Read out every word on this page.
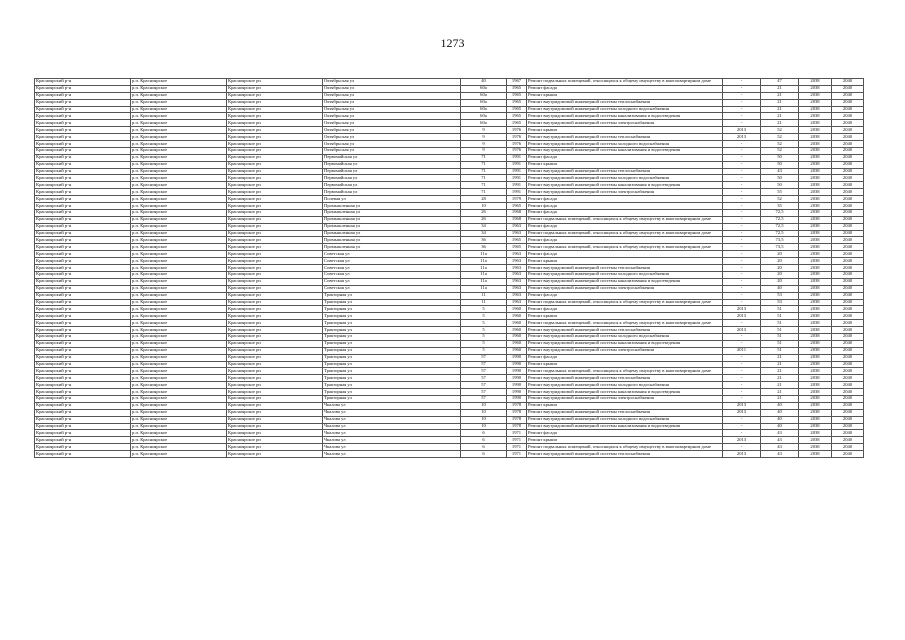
1273
Красноярский р-н	р.п. Красноярское	Красноярское рп	Октябрьская ул	40	1967	Ремонт подвальных помещений, относящихся к общему имуществу в многоквартирном доме	-	47	2038	2040
Красноярский р-н	р.п. Красноярское	Красноярское рп	Октябрьская ул	60а	1965	Ремонт фасада	-	21	2038	2040
Красноярский р-н	р.п. Красноярское	Красноярское рп	Октябрьская ул	60а	1965	Ремонт крыши	-	21	2038	2040
Красноярский р-н	р.п. Красноярское	Красноярское рп	Октябрьская ул	60а	1965	Ремонт внутридомовой инженерной системы теплоснабжения	-	21	2038	2040
Красноярский р-н	р.п. Красноярское	Красноярское рп	Октябрьская ул	60а	1965	Ремонт внутридомовой инженерной системы холодного водоснабжения	-	21	2038	2040
Красноярский р-н	р.п. Красноярское	Красноярское рп	Октябрьская ул	60а	1965	Ремонт внутридомовой инженерной системы канализования и водоотведения	-	21	2038	2040
Красноярский р-н	р.п. Красноярское	Красноярское рп	Октябрьская ул	60а	1965	Ремонт внутридомовой инженерной системы электроснабжения	-	21	2038	2040
Красноярский р-н	р.п. Красноярское	Красноярское рп	Октябрьская ул	9	1976	Ремонт крыши	2013	52	2038	2040
Красноярский р-н	р.п. Красноярское	Красноярское рп	Октябрьская ул	9	1976	Ремонт внутридомовой инженерной системы теплоснабжения	2013	52	2038	2040
Красноярский р-н	р.п. Красноярское	Красноярское рп	Октябрьская ул	9	1976	Ремонт внутридомовой инженерной системы холодного водоснабжения	-	52	2038	2040
Красноярский р-н	р.п. Красноярское	Красноярское рп	Октябрьская ул	9	1976	Ремонт внутридомовой инженерной системы канализования и водоотведения	-	52	2038	2040
Красноярский р-н	р.п. Красноярское	Красноярское рп	Первомайская ул	71	1991	Ремонт фасада	-	50	2038	2040
Красноярский р-н	р.п. Красноярское	Красноярское рп	Первомайская ул	71	1991	Ремонт крыши	-	50	2038	2040
Красноярский р-н	р.п. Красноярское	Красноярское рп	Первомайская ул	71	1991	Ремонт внутридомовой инженерной системы теплоснабжения	-	43	2038	2040
Красноярский р-н	р.п. Красноярское	Красноярское рп	Первомайская ул	71	1991	Ремонт внутридомовой инженерной системы холодного водоснабжения	-	50	2038	2040
Красноярский р-н	р.п. Красноярское	Красноярское рп	Первомайская ул	71	1991	Ремонт внутридомовой инженерной системы канализования и водоотведения	-	50	2038	2040
Красноярский р-н	р.п. Красноярское	Красноярское рп	Первомайская ул	71	1991	Ремонт внутридомовой инженерной системы электроснабжения	-	55	2038	2040
Красноярский р-н	р.п. Красноярское	Красноярское рп	Полевая ул	28	1979	Ремонт фасада	-	52	2038	2040
Красноярский р-н	р.п. Красноярское	Красноярское рп	Промышленная ул	10	1965	Ремонт фасада	-	35	2038	2040
Красноярский р-н	р.п. Красноярское	Красноярское рп	Промышленная ул	26	1968	Ремонт фасада	-	72,5	2038	2040
Красноярский р-н	р.п. Красноярское	Красноярское рп	Промышленная ул	26	1968	Ремонт подвальных помещений, относящихся к общему имуществу в многоквартирном доме	-	72,5	2038	2040
Красноярский р-н	р.п. Красноярское	Красноярское рп	Промышленная ул	34	1963	Ремонт фасада	-	72,5	2038	2040
Красноярский р-н	р.п. Красноярское	Красноярское рп	Промышленная ул	34	1963	Ремонт подвальных помещений, относящихся к общему имуществу в многоквартирном доме	-	72,5	2038	2040
Красноярский р-н	р.п. Красноярское	Красноярское рп	Промышленная ул	36	1965	Ремонт фасада	-	73,5	2038	2040
Красноярский р-н	р.п. Красноярское	Красноярское рп	Промышленная ул	36	1965	Ремонт подвальных помещений, относящихся к общему имуществу в многоквартирном доме	-	73,5	2038	2040
Красноярский р-н	р.п. Красноярское	Красноярское рп	Советская ул	11а	1963	Ремонт фасада	-	20	2038	2040
Красноярский р-н	р.п. Красноярское	Красноярское рп	Советская ул	11а	1963	Ремонт крыши	-	20	2038	2040
Красноярский р-н	р.п. Красноярское	Красноярское рп	Советская ул	11а	1963	Ремонт внутридомовой инженерной системы теплоснабжения	-	20	2038	2040
Красноярский р-н	р.п. Красноярское	Красноярское рп	Советская ул	11а	1963	Ремонт внутридомовой инженерной системы холодного водоснабжения	-	20	2038	2040
Красноярский р-н	р.п. Красноярское	Красноярское рп	Советская ул	11а	1963	Ремонт внутридомовой инженерной системы канализования и водоотведения	-	20	2038	2040
Красноярский р-н	р.п. Красноярское	Красноярское рп	Советская ул	11а	1963	Ремонт внутридомовой инженерной системы электроснабжения	-	40	2038	2040
Красноярский р-н	р.п. Красноярское	Красноярское рп	Тракторная ул	11	1963	Ремонт фасада	-	53	2038	2040
Красноярский р-н	р.п. Красноярское	Красноярское рп	Тракторная ул	11	1963	Ремонт подвальных помещений, относящихся к общему имуществу в многоквартирном доме	-	53	2038	2040
Красноярский р-н	р.п. Красноярское	Красноярское рп	Тракторная ул	5	1960	Ремонт фасада	2013	51	2038	2040
Красноярский р-н	р.п. Красноярское	Красноярское рп	Тракторная ул	5	1960	Ремонт крыши	2013	51	2038	2040
Красноярский р-н	р.п. Красноярское	Красноярское рп	Тракторная ул	5	1960	Ремонт подвальных помещений, относящихся к общему имуществу в многоквартирном доме	-	51	2038	2040
Красноярский р-н	р.п. Красноярское	Красноярское рп	Тракторная ул	5	1960	Ремонт внутридомовой инженерной системы теплоснабжения	2013	51	2038	2040
Красноярский р-н	р.п. Красноярское	Красноярское рп	Тракторная ул	5	1960	Ремонт внутридомовой инженерной системы холодного водоснабжения	-	51	2038	2040
Красноярский р-н	р.п. Красноярское	Красноярское рп	Тракторная ул	5	1960	Ремонт внутридомовой инженерной системы канализования и водоотведения	-	51	2038	2040
Красноярский р-н	р.п. Красноярское	Красноярское рп	Тракторная ул	5	1960	Ремонт внутридомовой инженерной системы электроснабжения	2011	51	2038	2040
Красноярский р-н	р.п. Красноярское	Красноярское рп	Тракторная ул	57	1990	Ремонт фасада	-	21	2038	2040
Красноярский р-н	р.п. Красноярское	Красноярское рп	Тракторная ул	57	1990	Ремонт крыши	-	21	2038	2040
Красноярский р-н	р.п. Красноярское	Красноярское рп	Тракторная ул	57	1990	Ремонт подвальных помещений, относящихся к общему имуществу в многоквартирном доме	-	21	2038	2040
Красноярский р-н	р.п. Красноярское	Красноярское рп	Тракторная ул	57	1990	Ремонт внутридомовой инженерной системы теплоснабжения	-	21	2038	2040
Красноярский р-н	р.п. Красноярское	Красноярское рп	Тракторная ул	57	1990	Ремонт внутридомовой инженерной системы холодного водоснабжения	-	21	2038	2040
Красноярский р-н	р.п. Красноярское	Красноярское рп	Тракторная ул	57	1990	Ремонт внутридомовой инженерной системы канализования и водоотведения	-	21	2038	2040
Красноярский р-н	р.п. Красноярское	Красноярское рп	Тракторная ул	57	1990	Ремонт внутридомовой инженерной системы электроснабжения	-	21	2038	2040
Красноярский р-н	р.п. Красноярское	Красноярское рп	Чкалова ул	10	1978	Ремонт крыши	2013	40	2038	2040
Красноярский р-н	р.п. Красноярское	Красноярское рп	Чкалова ул	10	1978	Ремонт внутридомовой инженерной системы теплоснабжения	2013	40	2038	2040
Красноярский р-н	р.п. Красноярское	Красноярское рп	Чкалова ул	10	1978	Ремонт внутридомовой инженерной системы холодного водоснабжения	-	40	2038	2040
Красноярский р-н	р.п. Красноярское	Красноярское рп	Чкалова ул	10	1978	Ремонт внутридомовой инженерной системы канализования и водоотведения	-	40	2038	2040
Красноярский р-н	р.п. Красноярское	Красноярское рп	Чкалова ул	6	1971	Ремонт фасада	-	43	2038	2040
Красноярский р-н	р.п. Красноярское	Красноярское рп	Чкалова ул	6	1971	Ремонт крыши	2013	43	2038	2040
Красноярский р-н	р.п. Красноярское	Красноярское рп	Чкалова ул	6	1971	Ремонт подвальных помещений, относящихся к общему имуществу в многоквартирном доме	-	43	2038	2040
Красноярский р-н	р.п. Красноярское	Красноярское рп	Чкалова ул	6	1971	Ремонт внутридомовой инженерной системы теплоснабжения	2013	43	2038	2040
